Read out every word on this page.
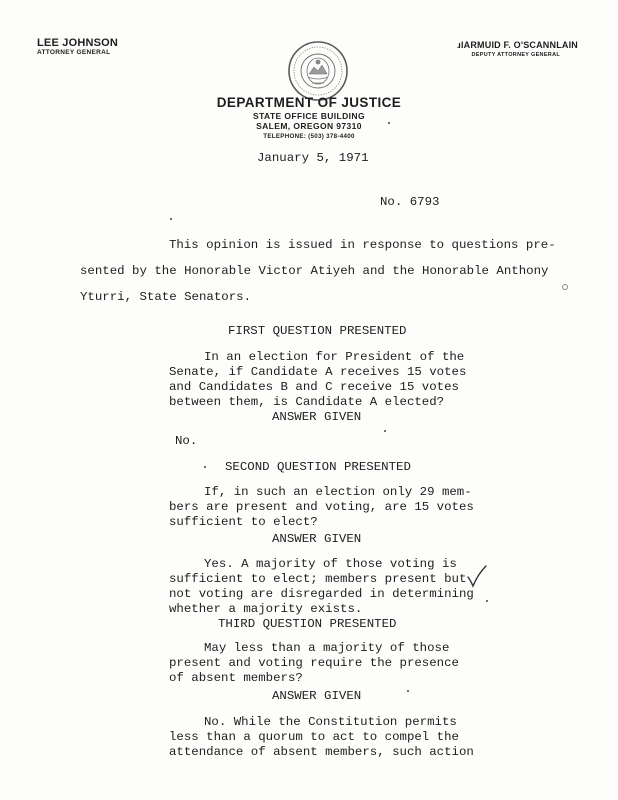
LEE JOHNSON
ATTORNEY GENERAL
ɹIARMUID F. O'SCANNLAIN
DEPUTY ATTORNEY GENERAL
DEPARTMENT OF JUSTICE
STATE OFFICE BUILDING
SALEM, OREGON 97310
TELEPHONE: (503) 378-4400
January 5, 1971
No. 6793
This opinion is issued in response to questions pre-
sented by the Honorable Victor Atiyeh and the Honorable Anthony
Yturri, State Senators.
FIRST QUESTION PRESENTED
In an election for President of the
Senate, if Candidate A receives 15 votes
and Candidates B and C receive 15 votes
between them, is Candidate A elected?
ANSWER GIVEN
No.
SECOND QUESTION PRESENTED
If, in such an election only 29 mem-
bers are present and voting, are 15 votes
sufficient to elect?
ANSWER GIVEN
Yes. A majority of those voting is
sufficient to elect; members present but
not voting are disregarded in determining
whether a majority exists.
THIRD QUESTION PRESENTED
May less than a majority of those
present and voting require the presence
of absent members?
ANSWER GIVEN
No. While the Constitution permits
less than a quorum to act to compel the
attendance of absent members, such action
